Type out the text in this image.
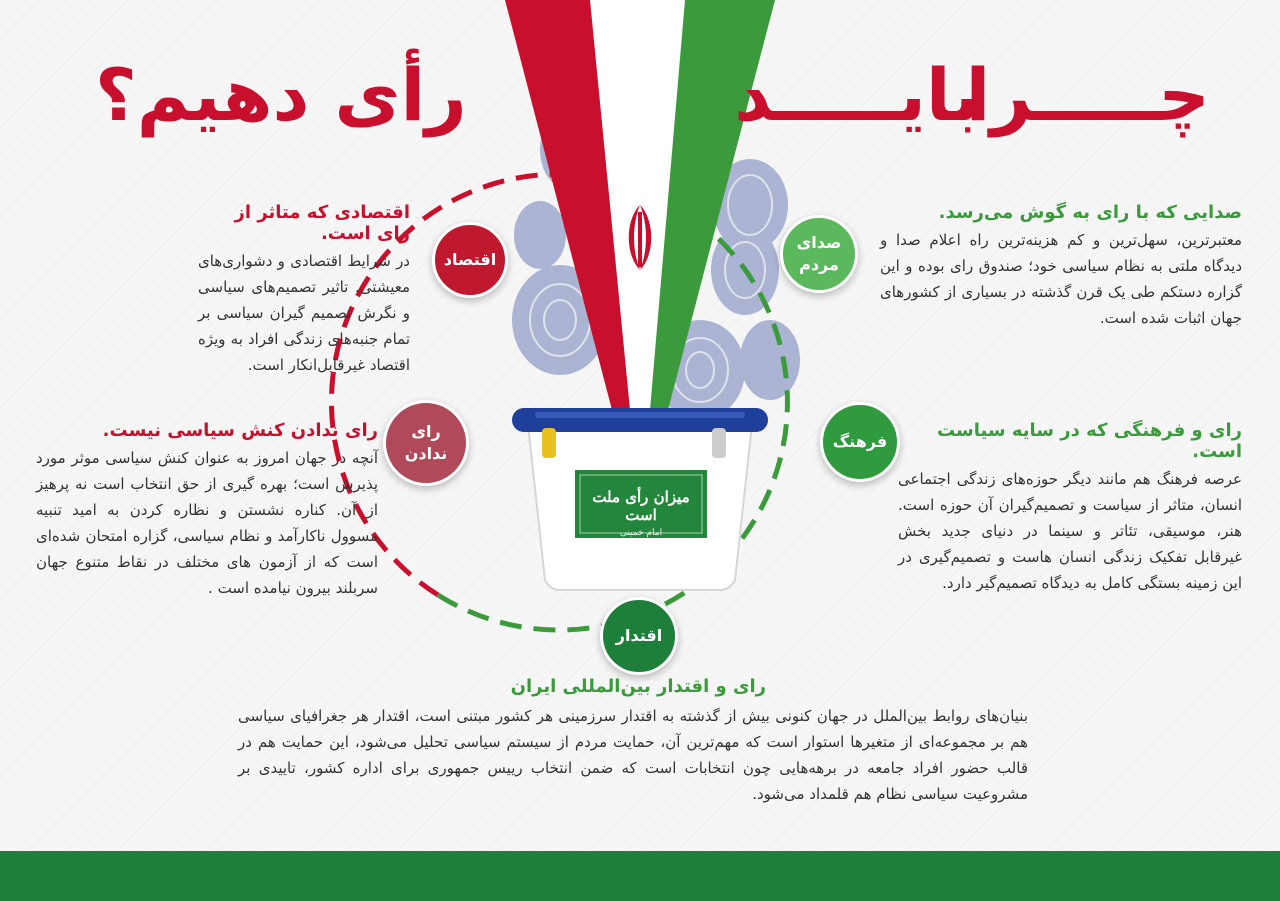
میزان رأی ملت است
امام خمینی
چـــــرا
بایـــــد
رأی دهیم؟
اقتصاد
صدای
مردم
فرهنگ
رای
ندادن
اقتدار
صدایی که با رای به گوش می‌رسد.
معتبرترین، سهل‌ترین و کم هزینه‌ترین راه اعلام صدا و دیدگاه ملتی به نظام سیاسی خود؛ صندوق رای بوده و این گزاره دستکم طی یک قرن گذشته در بسیاری از کشورهای جهان اثبات شده است.
اقتصادی که متاثر از رای است.
در شرایط اقتصادی و دشواری‌های معیشتی. تاثیر تصمیم‌های سیاسی و نگرش تصمیم گیران سیاسی بر تمام جنبه‌های زندگی افراد به ویژه اقتصاد غیرقابل‌انکار است.
رای و فرهنگی که در سایه سیاست است.
عرصه فرهنگ هم مانند دیگر حوزه‌های زندگی اجتماعی انسان، متاثر از سیاست و تصمیم‌گیران آن حوزه است. هنر، موسیقی، تئاتر و سینما در دنیای جدید بخش غیرقابل تفکیک زندگی انسان هاست و تصمیم‌گیری در این زمینه بستگی کامل به دیدگاه تصمیم‌گیر دارد.
رای ندادن کنش سیاسی نیست.
آنچه در جهان امروز به عنوان کنش سیاسی موثر مورد پذیرش است؛ بهره گیری از حق انتخاب است نه پرهیز از آن. کناره نشستن و نظاره کردن به امید تنبیه مسوول ناکارآمد و نظام سیاسی، گزاره امتحان شده‌ای است که از آزمون های مختلف در نقاط متنوع جهان سربلند بیرون نیامده است .
رای و اقتدار بین‌المللی ایران
بنیان‌های روابط بین‌الملل در جهان کنونی بیش از گذشته به اقتدار سرزمینی هر کشور مبتنی است، اقتدار هر جغرافیای سیاسی هم بر مجموعه‌ای از متغیرها استوار است که مهم‌ترین آن، حمایت مردم از سیستم سیاسی تحلیل می‌شود، این حمایت هم در قالب حضور افراد جامعه در برهه‌هایی چون انتخابات است که ضمن انتخاب رییس جمهوری برای اداره کشور، تاییدی بر مشروعیت سیاسی نظام هم قلمداد می‌شود.
